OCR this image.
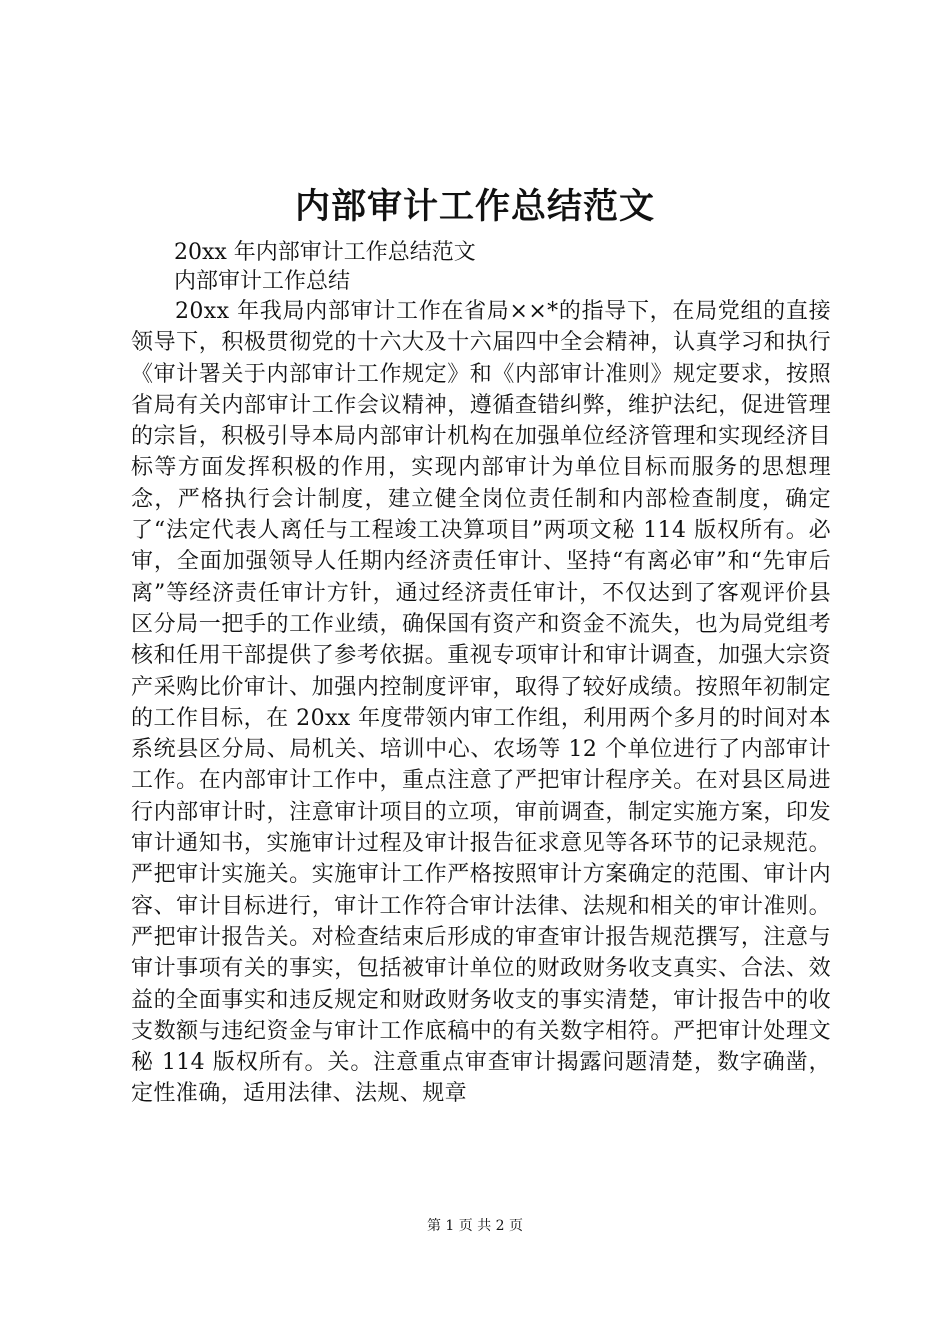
内部审计工作总结范文

20xx 年内部审计工作总结范文

内部审计工作总结

20xx 年我局内部审计工作在省局××*的指导下，在局党组的直接领导下，积极贯彻党的十六大及十六届四中全会精神，认真学习和执行《审计署关于内部审计工作规定》和《内部审计准则》规定要求，按照省局有关内部审计工作会议精神，遵循查错纠弊，维护法纪，促进管理的宗旨，积极引导本局内部审计机构在加强单位经济管理和实现经济目标等方面发挥积极的作用，实现内部审计为单位目标而服务的思想理念，严格执行会计制度，建立健全岗位责任制和内部检查制度，确定了“法定代表人离任与工程竣工决算项目”两项文秘 114 版权所有。必审，全面加强领导人任期内经济责任审计、坚持“有离必审”和“先审后离”等经济责任审计方针，通过经济责任审计，不仅达到了客观评价县区分局一把手的工作业绩，确保国有资产和资金不流失，也为局党组考核和任用干部提供了参考依据。重视专项审计和审计调查，加强大宗资产采购比价审计、加强内控制度评审，取得了较好成绩。按照年初制定的工作目标，在 20xx 年度带领内审工作组，利用两个多月的时间对本系统县区分局、局机关、培训中心、农场等 12 个单位进行了内部审计工作。在内部审计工作中，重点注意了严把审计程序关。在对县区局进行内部审计时，注意审计项目的立项，审前调查，制定实施方案，印发审计通知书，实施审计过程及审计报告征求意见等各环节的记录规范。严把审计实施关。实施审计工作严格按照审计方案确定的范围、审计内容、审计目标进行，审计工作符合审计法律、法规和相关的审计准则。严把审计报告关。对检查结束后形成的审查审计报告规范撰写，注意与审计事项有关的事实，包括被审计单位的财政财务收支真实、合法、效益的全面事实和违反规定和财政财务收支的事实清楚，审计报告中的收支数额与违纪资金与审计工作底稿中的有关数字相符。严把审计处理文秘 114 版权所有。关。注意重点审查审计揭露问题清楚，数字确凿，定性准确，适用法律、法规、规章

第 1 页 共 2 页
